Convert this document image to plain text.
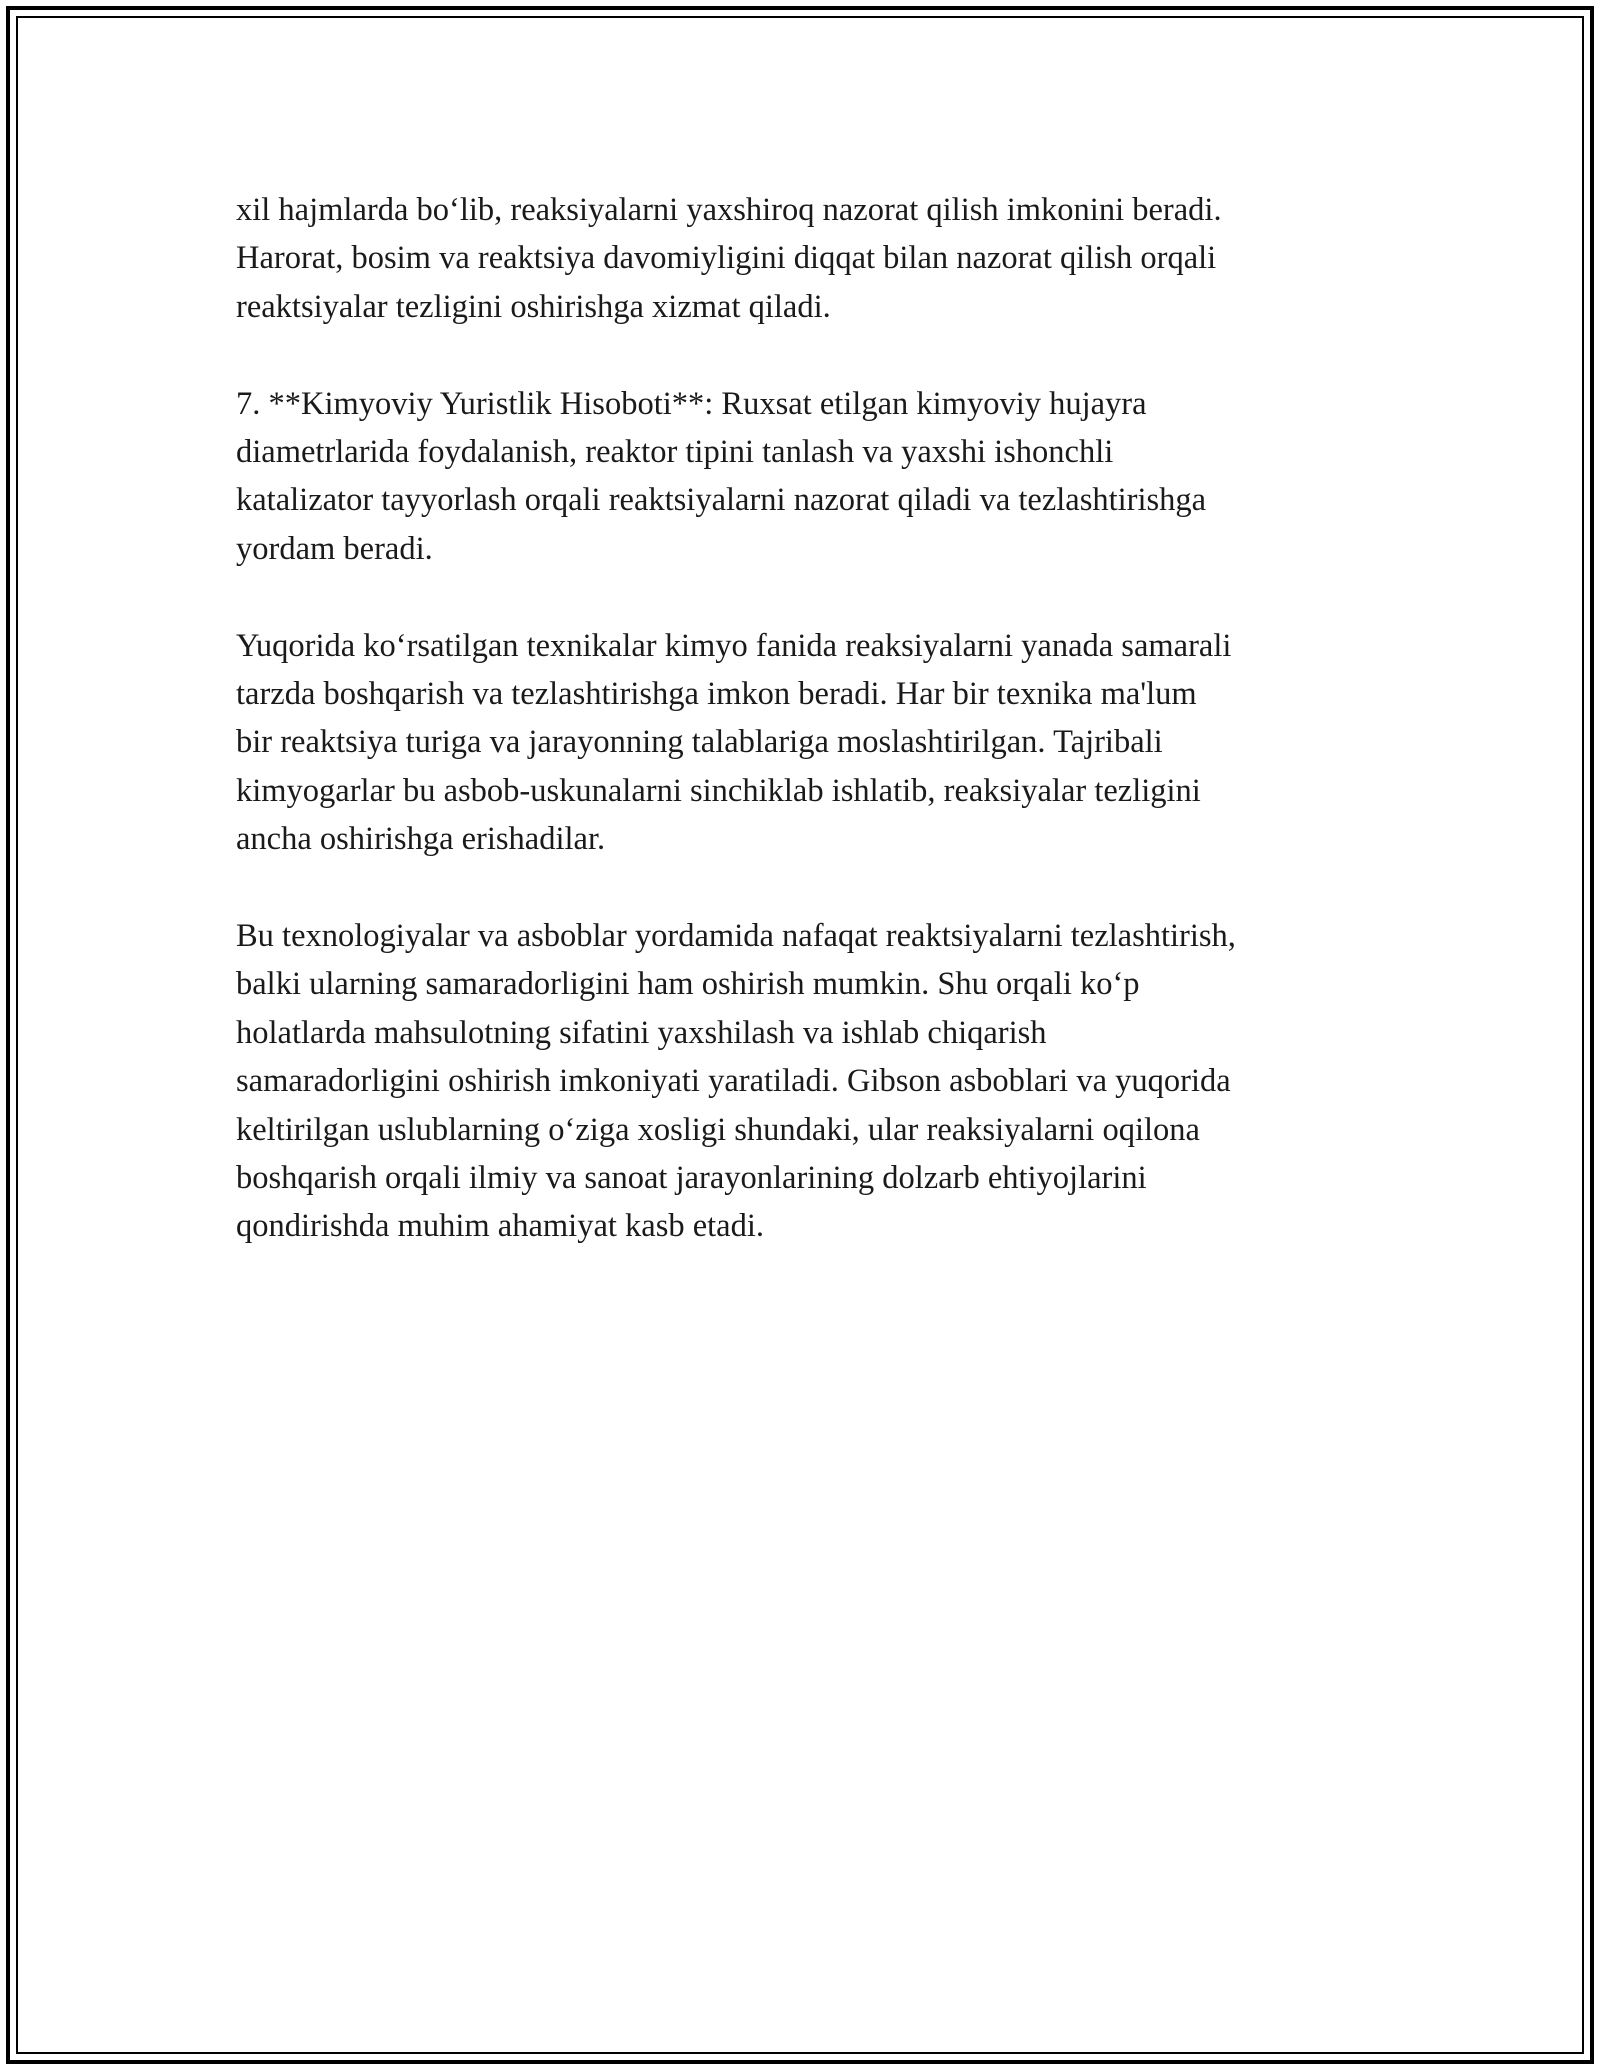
xil hajmlarda bo‘lib, reaksiyalarni yaxshiroq nazorat qilish imkonini beradi.
Harorat, bosim va reaktsiya davomiyligini diqqat bilan nazorat qilish orqali
reaktsiyalar tezligini oshirishga xizmat qiladi.
7. **Kimyoviy Yuristlik Hisoboti**: Ruxsat etilgan kimyoviy hujayra
diametrlarida foydalanish, reaktor tipini tanlash va yaxshi ishonchli
katalizator tayyorlash orqali reaktsiyalarni nazorat qiladi va tezlashtirishga
yordam beradi.
Yuqorida ko‘rsatilgan texnikalar kimyo fanida reaksiyalarni yanada samarali
tarzda boshqarish va tezlashtirishga imkon beradi. Har bir texnika ma'lum
bir reaktsiya turiga va jarayonning talablariga moslashtirilgan. Tajribali
kimyogarlar bu asbob-uskunalarni sinchiklab ishlatib, reaksiyalar tezligini
ancha oshirishga erishadilar.
Bu texnologiyalar va asboblar yordamida nafaqat reaktsiyalarni tezlashtirish,
balki ularning samaradorligini ham oshirish mumkin. Shu orqali ko‘p
holatlarda mahsulotning sifatini yaxshilash va ishlab chiqarish
samaradorligini oshirish imkoniyati yaratiladi. Gibson asboblari va yuqorida
keltirilgan uslublarning o‘ziga xosligi shundaki, ular reaksiyalarni oqilona
boshqarish orqali ilmiy va sanoat jarayonlarining dolzarb ehtiyojlarini
qondirishda muhim ahamiyat kasb etadi.
